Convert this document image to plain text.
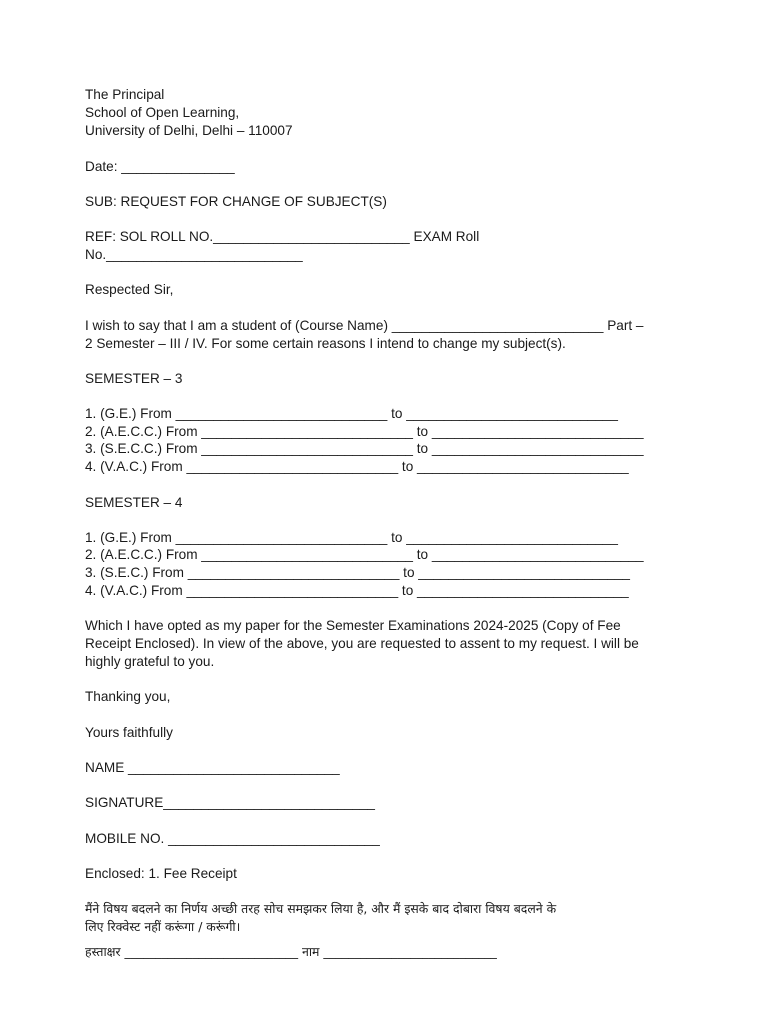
The Principal
School of Open Learning,
University of Delhi, Delhi – 110007
Date: _______________
SUB: REQUEST FOR CHANGE OF SUBJECT(S)
REF: SOL ROLL NO.__________________________ EXAM Roll
No.__________________________
Respected Sir,
I wish to say that I am a student of (Course Name) ____________________________ Part –
2 Semester – III / IV. For some certain reasons I intend to change my subject(s).
SEMESTER – 3
1. (G.E.) From ____________________________ to ____________________________
2. (A.E.C.C.) From ____________________________ to ____________________________
3. (S.E.C.C.) From ____________________________ to ____________________________
4. (V.A.C.) From ____________________________ to ____________________________
SEMESTER – 4
1. (G.E.) From ____________________________ to ____________________________
2. (A.E.C.C.) From ____________________________ to ____________________________
3. (S.E.C.) From ____________________________ to ____________________________
4. (V.A.C.) From ____________________________ to ____________________________
Which I have opted as my paper for the Semester Examinations 2024-2025 (Copy of Fee
Receipt Enclosed). In view of the above, you are requested to assent to my request. I will be
highly grateful to you.
Thanking you,
Yours faithfully
NAME ____________________________
SIGNATURE____________________________
MOBILE NO. ____________________________
Enclosed: 1. Fee Receipt
मैंने विषय बदलने का निर्णय अच्छी तरह सोच समझकर लिया है, और मैं इसके बाद दोबारा विषय बदलने के
लिए रिक्वेस्ट नहीं करूंगा / करूंगी।
हस्ताक्षर ____________________________ नाम ____________________________
